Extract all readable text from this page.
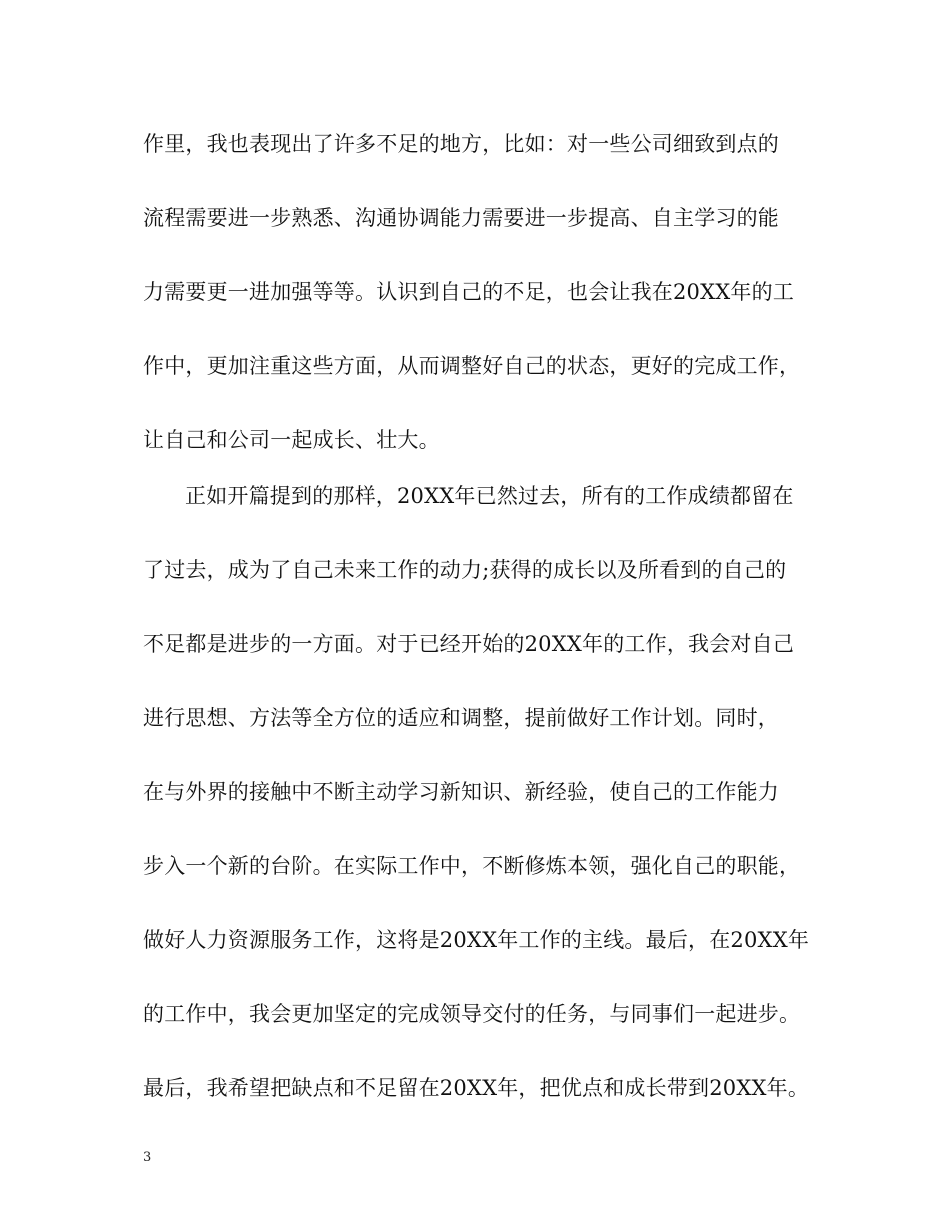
作里，我也表现出了许多不足的地方，比如：对一些公司细致到点的
流程需要进一步熟悉、沟通协调能力需要进一步提高、自主学习的能
力需要更一进加强等等。认识到自己的不足，也会让我在20XX年的工
作中，更加注重这些方面，从而调整好自己的状态，更好的完成工作，
让自己和公司一起成长、壮大。
正如开篇提到的那样，20XX年已然过去，所有的工作成绩都留在
了过去，成为了自己未来工作的动力;获得的成长以及所看到的自己的
不足都是进步的一方面。对于已经开始的20XX年的工作，我会对自己
进行思想、方法等全方位的适应和调整，提前做好工作计划。同时，
在与外界的接触中不断主动学习新知识、新经验，使自己的工作能力
步入一个新的台阶。在实际工作中，不断修炼本领，强化自己的职能，
做好人力资源服务工作，这将是20XX年工作的主线。最后，在20XX年
的工作中，我会更加坚定的完成领导交付的任务，与同事们一起进步。
最后，我希望把缺点和不足留在20XX年，把优点和成长带到20XX年。
3
